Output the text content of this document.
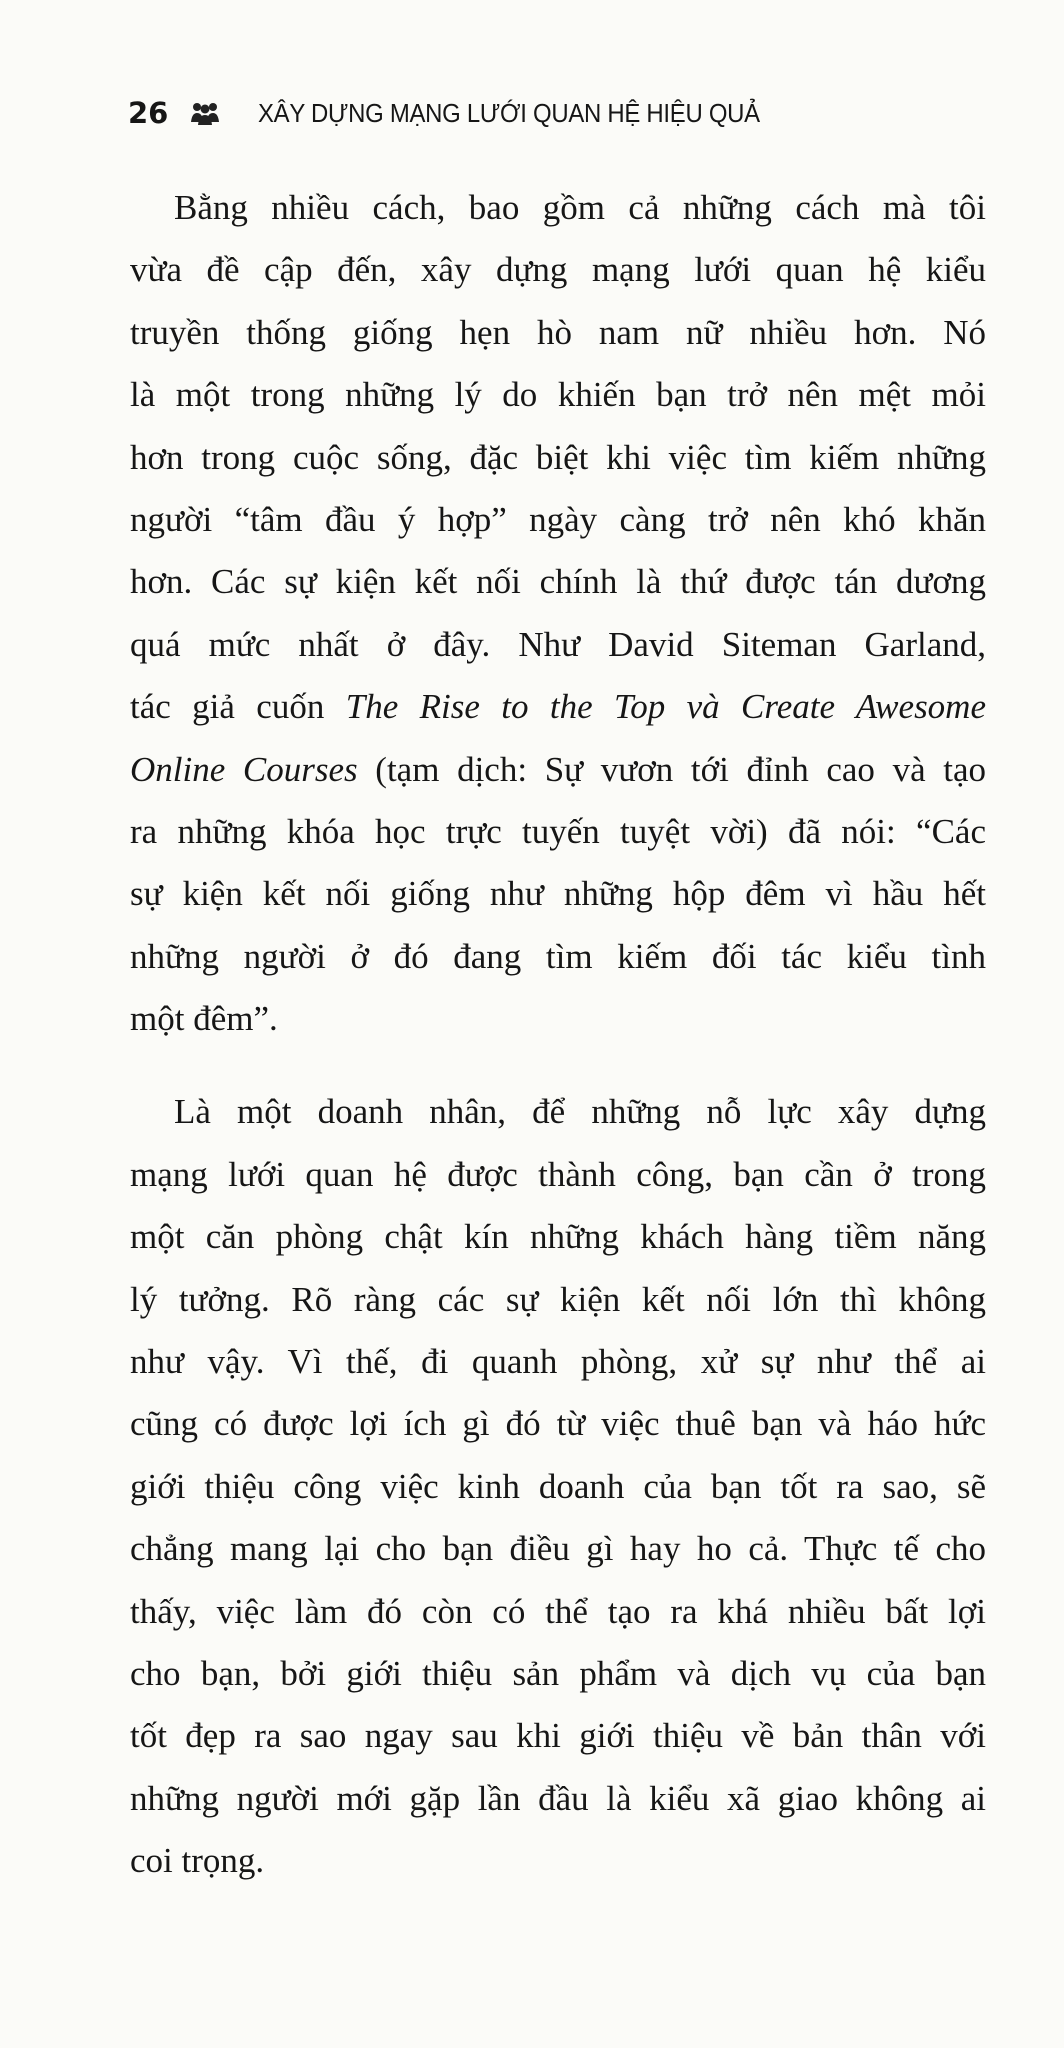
26	XÂY DỰNG MẠNG LƯỚI QUAN HỆ HIỆU QUẢ
Bằng nhiều cách, bao gồm cả những cách mà tôi
vừa đề cập đến, xây dựng mạng lưới quan hệ kiểu
truyền thống giống hẹn hò nam nữ nhiều hơn. Nó
là một trong những lý do khiến bạn trở nên mệt mỏi
hơn trong cuộc sống, đặc biệt khi việc tìm kiếm những
người “tâm đầu ý hợp” ngày càng trở nên khó khăn
hơn. Các sự kiện kết nối chính là thứ được tán dương
quá mức nhất ở đây. Như David Siteman Garland,
tác giả cuốn The Rise to the Top và Create Awesome
Online Courses (tạm dịch: Sự vươn tới đỉnh cao và tạo
ra những khóa học trực tuyến tuyệt vời) đã nói: “Các
sự kiện kết nối giống như những hộp đêm vì hầu hết
những người ở đó đang tìm kiếm đối tác kiểu tình
một đêm”.
Là một doanh nhân, để những nỗ lực xây dựng
mạng lưới quan hệ được thành công, bạn cần ở trong
một căn phòng chật kín những khách hàng tiềm năng
lý tưởng. Rõ ràng các sự kiện kết nối lớn thì không
như vậy. Vì thế, đi quanh phòng, xử sự như thể ai
cũng có được lợi ích gì đó từ việc thuê bạn và háo hức
giới thiệu công việc kinh doanh của bạn tốt ra sao, sẽ
chẳng mang lại cho bạn điều gì hay ho cả. Thực tế cho
thấy, việc làm đó còn có thể tạo ra khá nhiều bất lợi
cho bạn, bởi giới thiệu sản phẩm và dịch vụ của bạn
tốt đẹp ra sao ngay sau khi giới thiệu về bản thân với
những người mới gặp lần đầu là kiểu xã giao không ai
coi trọng.
